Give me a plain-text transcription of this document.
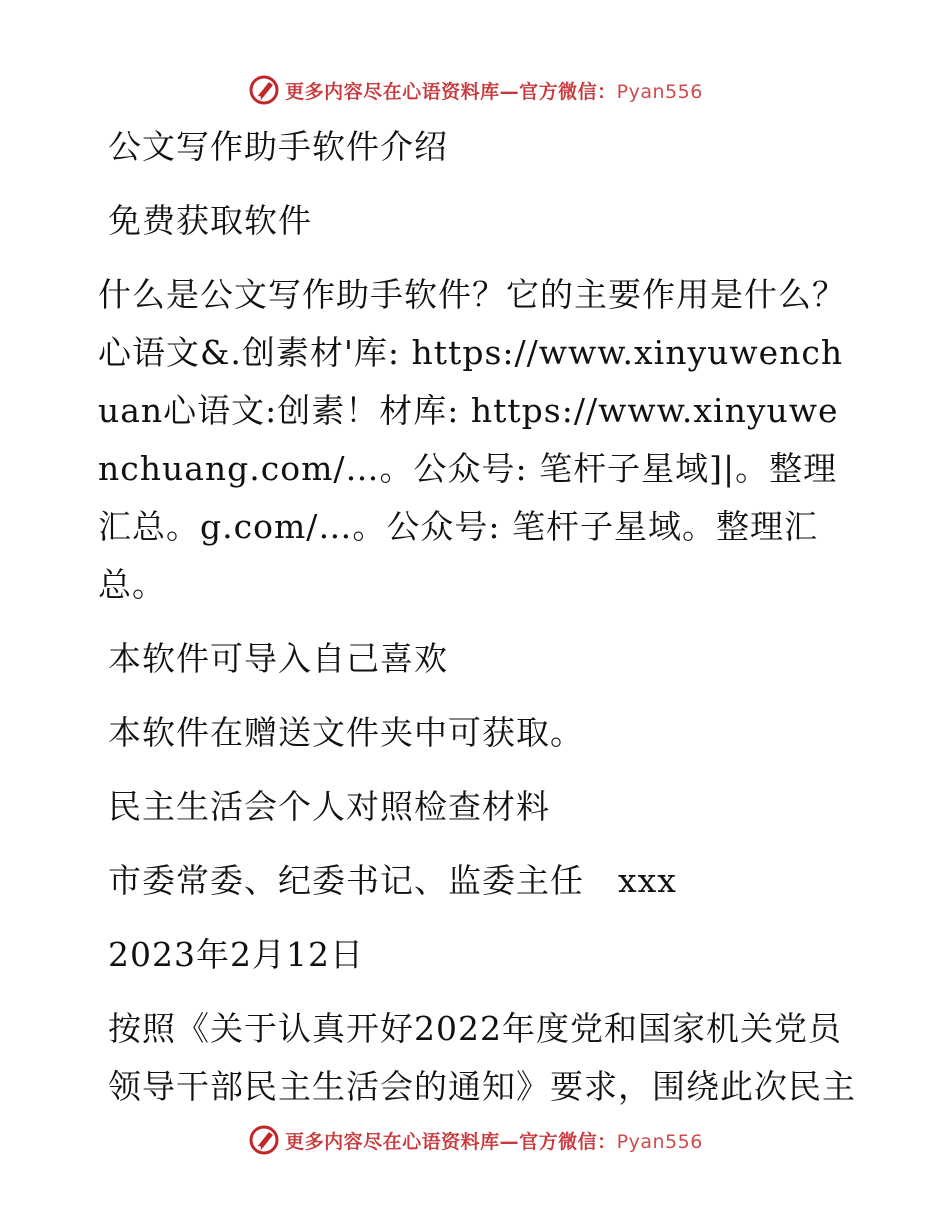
更多内容尽在心语资料库—官方微信：Pyan556

公文写作助手软件介绍

免费获取软件

什么是公文写作助手软件？它的主要作用是什么？心语文&.创素材'库: https://www.xinyuwenchuan心语文:创素！材库: https://www.xinyuwenchuang.com/…。公众号: 笔杆子星域]|。整理汇总。g.com/…。公众号: 笔杆子星域。整理汇总。

本软件可导入自己喜欢

本软件在赠送文件夹中可获取。

民主生活会个人对照检查材料

市委常委、纪委书记、监委主任　xxx

2023年2月12日

按照《关于认真开好2022年度党和国家机关党员领导干部民主生活会的通知》要求，围绕此次民主

更多内容尽在心语资料库—官方微信：Pyan556
